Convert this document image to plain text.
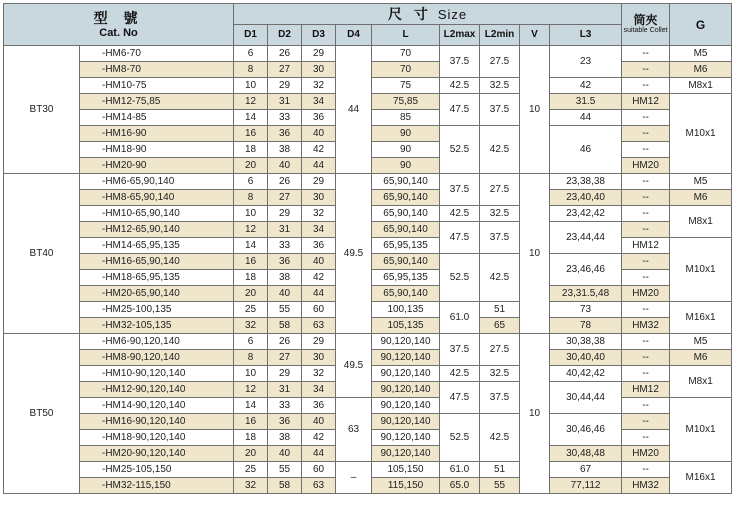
型 號
Cat. No		尺 寸 Size									筒夾
suitable Collet	G
		D1	D2	D3	D4	L	L2max	L2min	V	L3		
BT30	-HM6-70	6	26	29	44	70	37.5	27.5	10	23	--	M5
	-HM8-70	8	27	30		70					--	M6
	-HM10-75	10	29	32		75	42.5	32.5		42	--	M8x1
	-HM12-75,85	12	31	34		75,85	47.5	37.5		31.5	HM12	M10x1
	-HM14-85	14	33	36		85				44	--	
	-HM16-90	16	36	40		90	52.5	42.5		46	--	
	-HM18-90	18	38	42		90					--	
	-HM20-90	20	40	44		90					HM20	
BT40	-HM6-65,90,140	6	26	29	49.5	65,90,140	37.5	27.5	10	23,38,38	--	M5
	-HM8-65,90,140	8	27	30		65,90,140				23,40,40	--	M6
	-HM10-65,90,140	10	29	32		65,90,140	42.5	32.5		23,42,42	--	M8x1
	-HM12-65,90,140	12	31	34		65,90,140	47.5	37.5		23,44,44	--	
	-HM14-65,95,135	14	33	36		65,95,135					HM12	M10x1
	-HM16-65,90,140	16	36	40		65,90,140	52.5	42.5		23,46,46	--	
	-HM18-65,95,135	18	38	42		65,95,135					--	
	-HM20-65,90,140	20	40	44		65,90,140				23,31.5,48	HM20	
	-HM25-100,135	25	55	60		100,135	61.0	51		73	--	M16x1
	-HM32-105,135	32	58	63		105,135		65		78	HM32	
BT50	-HM6-90,120,140	6	26	29	49.5	90,120,140	37.5	27.5	10	30,38,38	--	M5
	-HM8-90,120,140	8	27	30		90,120,140				30,40,40	--	M6
	-HM10-90,120,140	10	29	32		90,120,140	42.5	32.5		40,42,42	--	M8x1
	-HM12-90,120,140	12	31	34		90,120,140	47.5	37.5		30,44,44	HM12	
	-HM14-90,120,140	14	33	36	63	90,120,140					--	M10x1
	-HM16-90,120,140	16	36	40		90,120,140	52.5	42.5		30,46,46	--	
	-HM18-90,120,140	18	38	42		90,120,140					--	
	-HM20-90,120,140	20	40	44		90,120,140				30,48,48	HM20	
	-HM25-105,150	25	55	60	–	105,150	61.0	51		67	--	M16x1
	-HM32-115,150	32	58	63		115,150	65.0	55		77,112	HM32	
